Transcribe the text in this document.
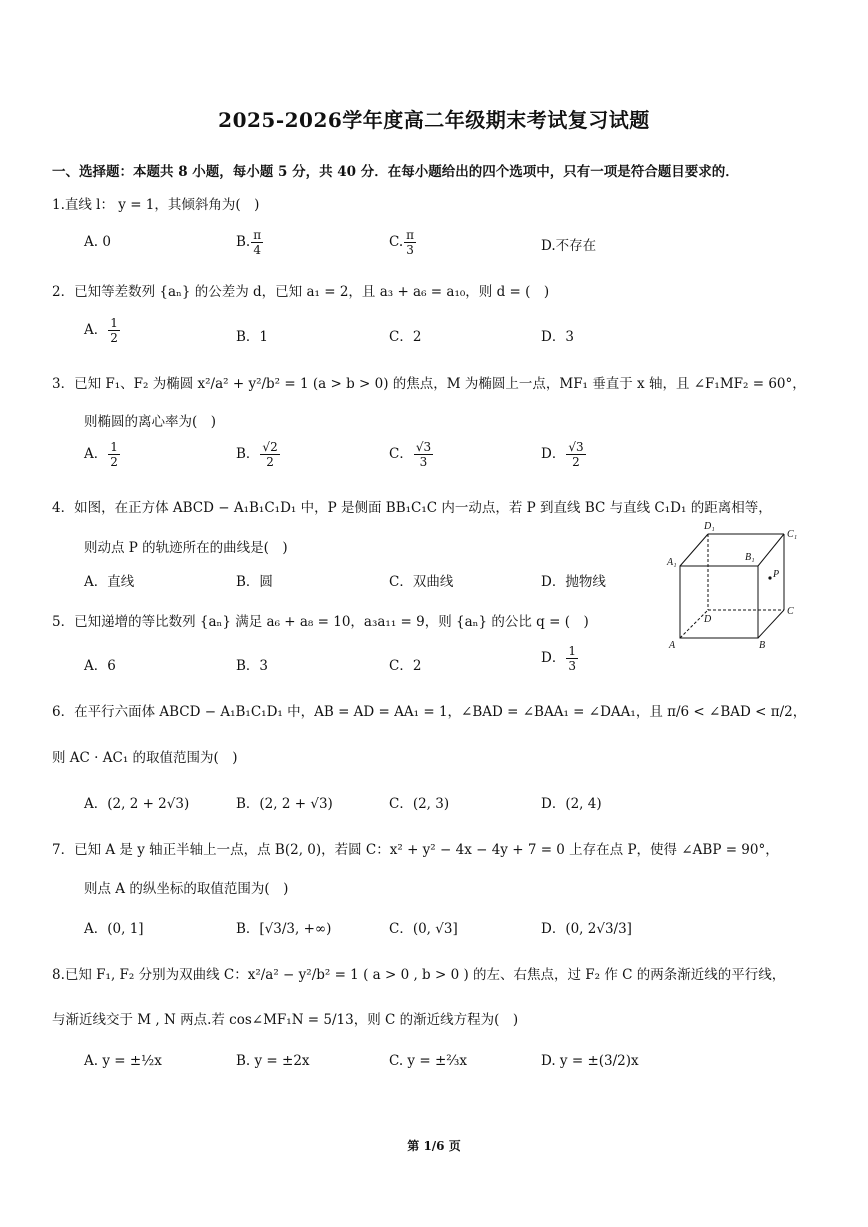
2025-2026学年度高二年级期末考试复习试题
一、选择题：本题共 8 小题，每小题 5 分，共 40 分．在每小题给出的四个选项中，只有一项是符合题目要求的．
1.直线 l： y = 1，其倾斜角为(　)
A. 0	B. $\frac{\pi}{4}$	C. $\frac{\pi}{3}$	D.不存在
2．已知等差数列 {aₙ} 的公差为 d，已知 a₁ = 2，且 a₃ + a₆ = a₁₀，则 d = (　)
A． $\frac{1}{2}$	B．1	C．2	D．3
3．已知 F₁、F₂ 为椭圆 x²/a² + y²/b² = 1 (a > b > 0) 的焦点，M 为椭圆上一点，MF₁ 垂直于 x 轴，且 ∠F₁MF₂ = 60°，
则椭圆的离心率为(　)
A． $\frac{1}{2}$	B． $\frac{√2}{2}$	C． $\frac{√3}{3}$	D． $\frac{√3}{2}$
4．如图，在正方体 ABCD − A₁B₁C₁D₁ 中，P 是侧面 BB₁C₁C 内一动点，若 P 到直线 BC 与直线 C₁D₁ 的距离相等，
则动点 P 的轨迹所在的曲线是(　)
A．直线	B．圆	C．双曲线	D．抛物线
D₁
C₁
A₁	B₁
P
D
C
A	B
5．已知递增的等比数列 {aₙ} 满足 a₆ + a₈ = 10，a₃a₁₁ = 9，则 {aₙ} 的公比 q = (　)
A．6	B．3	C．2	D． $\frac{1}{3}$
6．在平行六面体 ABCD − A₁B₁C₁D₁ 中，AB = AD = AA₁ = 1，∠BAD = ∠BAA₁ = ∠DAA₁，且 π/6 < ∠BAD < π/2，
则 AC · AC₁ 的取值范围为(　)
A．(2, 2 + 2√3)	B．(2, 2 + √3)	C．(2, 3)	D．(2, 4)
7．已知 A 是 y 轴正半轴上一点，点 B(2, 0)，若圆 C：x² + y² − 4x − 4y + 7 = 0 上存在点 P，使得 ∠ABP = 90°，
则点 A 的纵坐标的取值范围为(　)
A．(0, 1]	B．[√3/3, +∞)	C．(0, √3]	D．(0, 2√3/3]
8.已知 F₁, F₂ 分别为双曲线 C：x²/a² − y²/b² = 1 ( a > 0 , b > 0 ) 的左、右焦点，过 F₂ 作 C 的两条渐近线的平行线，
与渐近线交于 M , N 两点.若 cos∠MF₁N = 5/13，则 C 的渐近线方程为(　)
A. y = ±½x	B. y = ±2x	C. y = ±⅔x	D. y = ±(3/2)x
第 1/6 页
